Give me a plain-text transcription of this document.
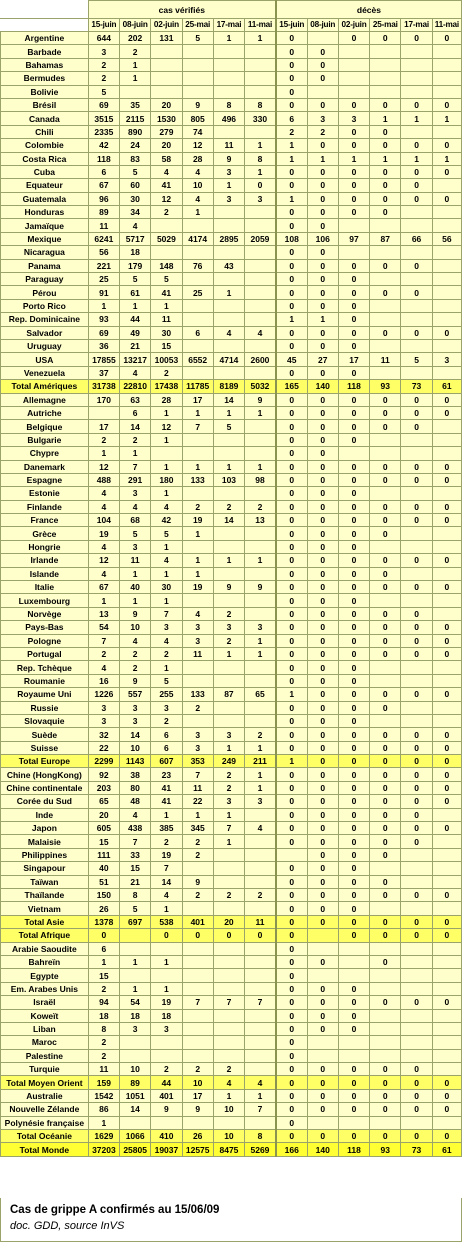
	cas vérifiés						décès					
	15-juin	08-juin	02-juin	25-mai	17-mai	11-mai	15-juin	08-juin	02-juin	25-mai	17-mai	11-mai
Argentine	644	202	131	5	1	1	0		0	0	0	0
Barbade	3	2					0	0				
Bahamas	2	1					0	0				
Bermudes	2	1					0	0				
Bolivie	5						0					
Brésil	69	35	20	9	8	8	0	0	0	0	0	0
Canada	3515	2115	1530	805	496	330	6	3	3	1	1	1
Chili	2335	890	279	74			2	2	0	0		
Colombie	42	24	20	12	11	1	1	0	0	0	0	0
Costa Rica	118	83	58	28	9	8	1	1	1	1	1	1
Cuba	6	5	4	4	3	1	0	0	0	0	0	0
Equateur	67	60	41	10	1	0	0	0	0	0	0	
Guatemala	96	30	12	4	3	3	1	0	0	0	0	0
Honduras	89	34	2	1			0	0	0	0		
Jamaïque	11	4					0	0				
Mexique	6241	5717	5029	4174	2895	2059	108	106	97	87	66	56
Nicaragua	56	18					0	0				
Panama	221	179	148	76	43		0	0	0	0	0	
Paraguay	25	5	5				0	0	0			
Pérou	91	61	41	25	1		0	0	0	0	0	
Porto Rico	1	1	1				0	0	0			
Rep. Dominicaine	93	44	11				1	1	0			
Salvador	69	49	30	6	4	4	0	0	0	0	0	0
Uruguay	36	21	15				0	0	0			
USA	17855	13217	10053	6552	4714	2600	45	27	17	11	5	3
Venezuela	37	4	2				0	0	0			
Total Amériques	31738	22810	17438	11785	8189	5032	165	140	118	93	73	61
Allemagne	170	63	28	17	14	9	0	0	0	0	0	0
Autriche		6	1	1	1	1	0	0	0	0	0	0
Belgique	17	14	12	7	5		0	0	0	0	0	
Bulgarie	2	2	1				0	0	0			
Chypre	1	1					0	0				
Danemark	12	7	1	1	1	1	0	0	0	0	0	0
Espagne	488	291	180	133	103	98	0	0	0	0	0	0
Estonie	4	3	1				0	0	0			
Finlande	4	4	4	2	2	2	0	0	0	0	0	0
France	104	68	42	19	14	13	0	0	0	0	0	0
Grèce	19	5	5	1			0	0	0	0		
Hongrie	4	3	1				0	0	0			
Irlande	12	11	4	1	1	1	0	0	0	0	0	0
Islande	4	1	1	1			0	0	0	0		
Italie	67	40	30	19	9	9	0	0	0	0	0	0
Luxembourg	1	1	1				0	0	0			
Norvège	13	9	7	4	2		0	0	0	0	0	
Pays-Bas	54	10	3	3	3	3	0	0	0	0	0	0
Pologne	7	4	4	3	2	1	0	0	0	0	0	0
Portugal	2	2	2	11	1	1	0	0	0	0	0	0
Rep. Tchèque	4	2	1				0	0	0			
Roumanie	16	9	5				0	0	0			
Royaume Uni	1226	557	255	133	87	65	1	0	0	0	0	0
Russie	3	3	3	2			0	0	0	0		
Slovaquie	3	3	2				0	0	0			
Suède	32	14	6	3	3	2	0	0	0	0	0	0
Suisse	22	10	6	3	1	1	0	0	0	0	0	0
Total Europe	2299	1143	607	353	249	211	1	0	0	0	0	0
Chine (HongKong)	92	38	23	7	2	1	0	0	0	0	0	0
Chine continentale	203	80	41	11	2	1	0	0	0	0	0	0
Corée du Sud	65	48	41	22	3	3	0	0	0	0	0	0
Inde	20	4	1	1	1		0	0	0	0	0	
Japon	605	438	385	345	7	4	0	0	0	0	0	0
Malaisie	15	7	2	2	1		0	0	0	0	0	
Philippines	111	33	19	2				0	0	0		
Singapour	40	15	7				0	0	0			
Taïwan	51	21	14	9			0	0	0	0		
Thaïlande	150	8	4	2	2	2	0	0	0	0	0	0
Vietnam	26	5	1				0	0	0			
Total Asie	1378	697	538	401	20	11	0	0	0	0	0	0
Total Afrique	0		0	0	0	0	0		0	0	0	0
Arabie Saoudite	6						0					
Bahreïn	1	1	1				0	0		0		
Egypte	15						0					
Em. Arabes Unis	2	1	1				0	0	0			
Israël	94	54	19	7	7	7	0	0	0	0	0	0
Koweït	18	18	18				0	0	0			
Liban	8	3	3				0	0	0			
Maroc	2						0					
Palestine	2						0					
Turquie	11	10	2	2	2		0	0	0	0	0	
Total Moyen Orient	159	89	44	10	4	4	0	0	0	0	0	0
Australie	1542	1051	401	17	1	1	0	0	0	0	0	0
Nouvelle Zélande	86	14	9	9	10	7	0	0	0	0	0	0
Polynésie française	1						0					
Total Océanie	1629	1066	410	26	10	8	0	0	0	0	0	0
Total Monde	37203	25805	19037	12575	8475	5269	166	140	118	93	73	61
Cas de grippe A confirmés au 15/06/09
doc. GDD, source InVS
